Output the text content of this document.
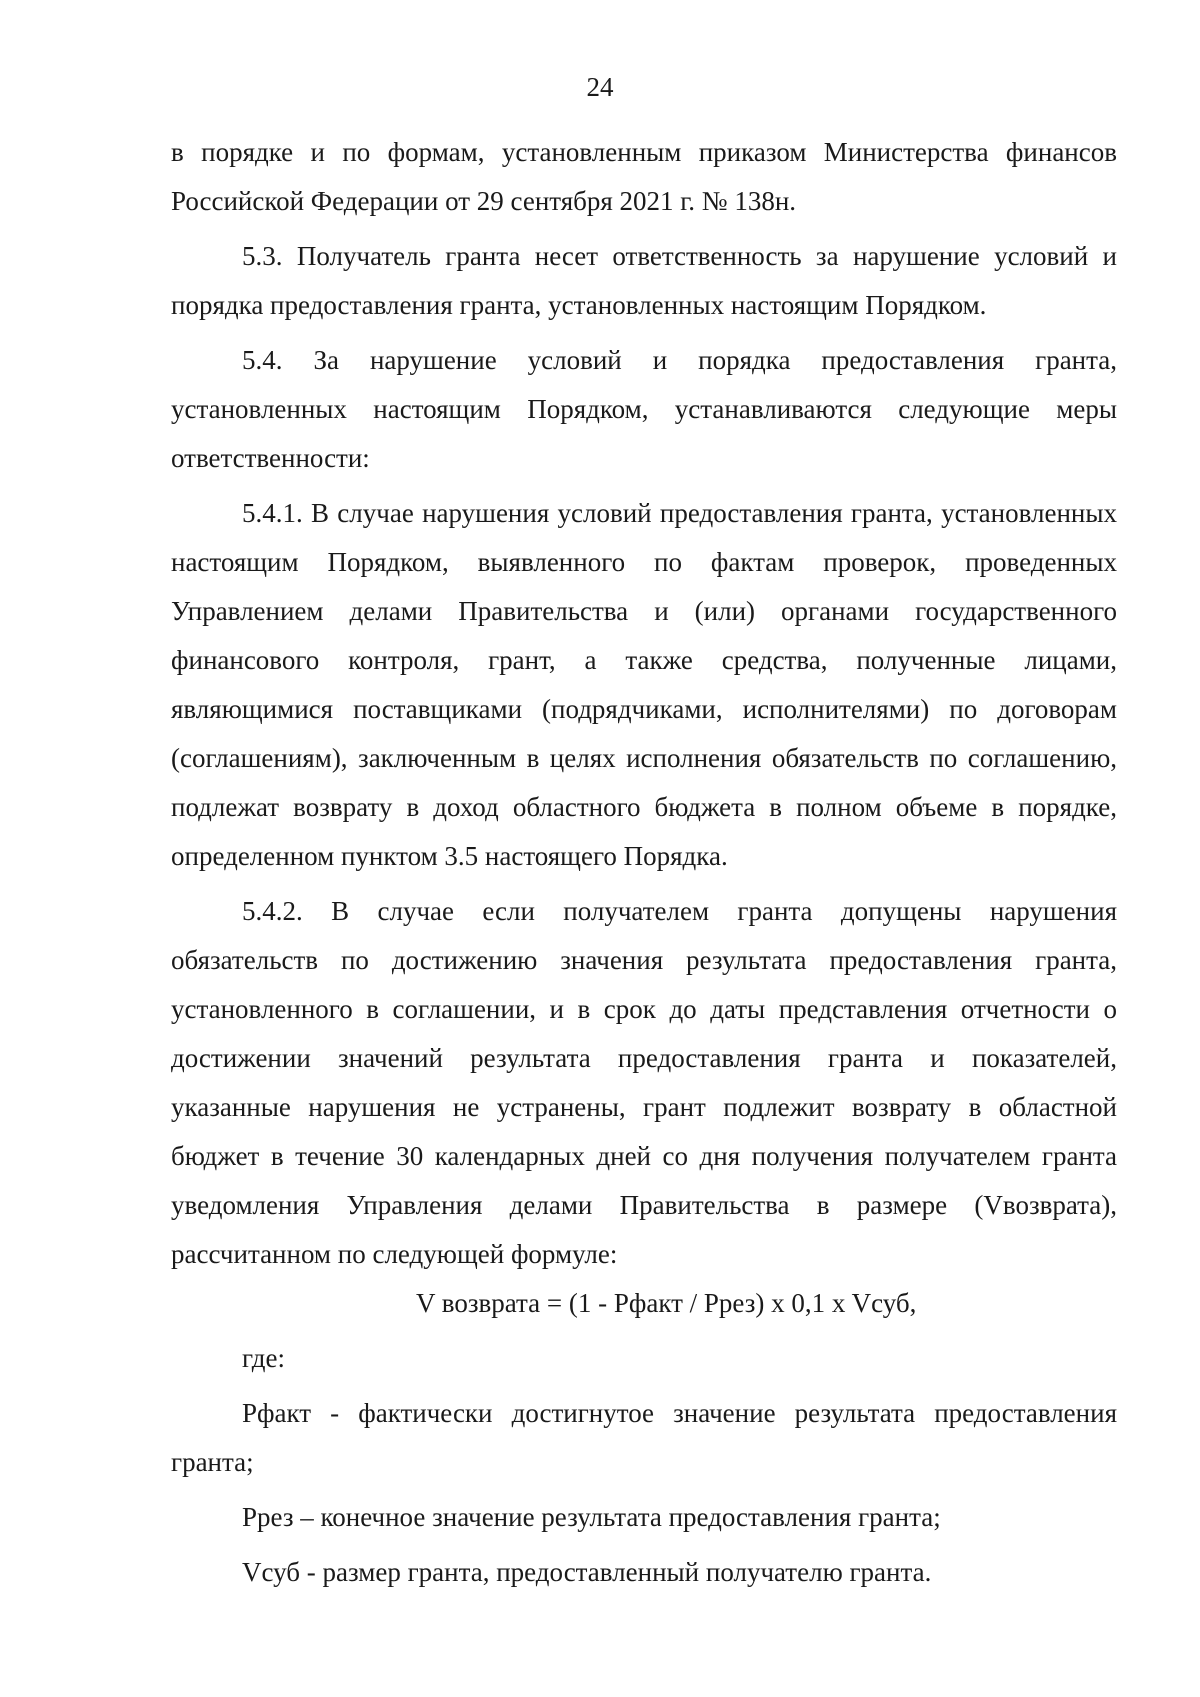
24

в порядке и по формам, установленным приказом Министерства финансов Российской Федерации от 29 сентября 2021 г. № 138н.

5.3. Получатель гранта несет ответственность за нарушение условий и порядка предоставления гранта, установленных настоящим Порядком.

5.4. За нарушение условий и порядка предоставления гранта, установленных настоящим Порядком, устанавливаются следующие меры ответственности:

5.4.1. В случае нарушения условий предоставления гранта, установленных настоящим Порядком, выявленного по фактам проверок, проведенных Управлением делами Правительства и (или) органами государственного финансового контроля, грант, а также средства, полученные лицами, являющимися поставщиками (подрядчиками, исполнителями) по договорам (соглашениям), заключенным в целях исполнения обязательств по соглашению, подлежат возврату в доход областного бюджета в полном объеме в порядке, определенном пунктом 3.5 настоящего Порядка.

5.4.2. В случае если получателем гранта допущены нарушения обязательств по достижению значения результата предоставления гранта, установленного в соглашении, и в срок до даты представления отчетности о достижении значений результата предоставления гранта и показателей, указанные нарушения не устранены, грант подлежит возврату в областной бюджет в течение 30 календарных дней со дня получения получателем гранта уведомления Управления делами Правительства в размере (Vвозврата), рассчитанном по следующей формуле:

V возврата = (1 - Рфакт / Ррез) x 0,1 x Vсуб,

где:

Рфакт - фактически достигнутое значение результата предоставления гранта;

Ррез – конечное значение результата предоставления гранта;

Vсуб - размер гранта, предоставленный получателю гранта.
